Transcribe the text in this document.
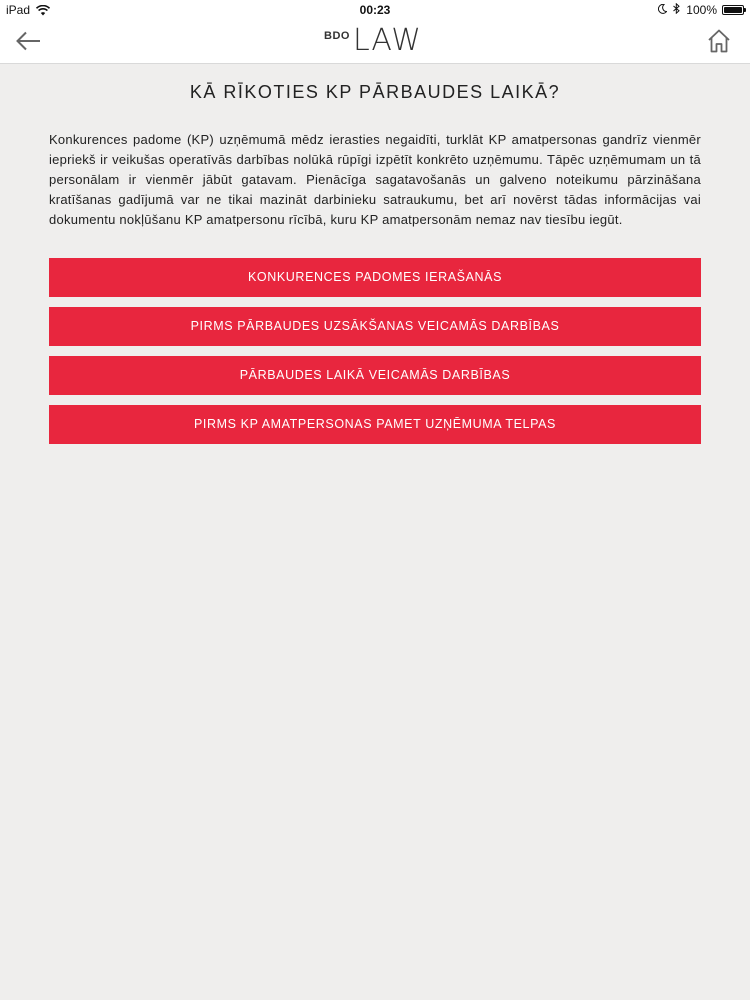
iPad	00:23	100%
BDO LAW
KĀ RĪKOTIES KP PĀRBAUDES LAIKĀ?

Konkurences padome (KP) uzņēmumā mēdz ierasties negaidīti, turklāt KP amatpersonas gandrīz vienmēr iepriekš ir veikušas operatīvās darbības nolūkā rūpīgi izpētīt konkrēto uzņēmumu. Tāpēc uzņēmumam un tā personālam ir vienmēr jābūt gatavam. Pienācīga sagatavošanās un galveno noteikumu pārzināšana kratīšanas gadījumā var ne tikai mazināt darbinieku satraukumu, bet arī novērst tādas informācijas vai dokumentu nokļūšanu KP amatpersonu rīcībā, kuru KP amatpersonām nemaz nav tiesību iegūt.

KONKURENCES PADOMES IERAŠANĀS
PIRMS PĀRBAUDES UZSĀKŠANAS VEICAMĀS DARBĪBAS
PĀRBAUDES LAIKĀ VEICAMĀS DARBĪBAS
PIRMS KP AMATPERSONAS PAMET UZŅĒMUMA TELPAS
